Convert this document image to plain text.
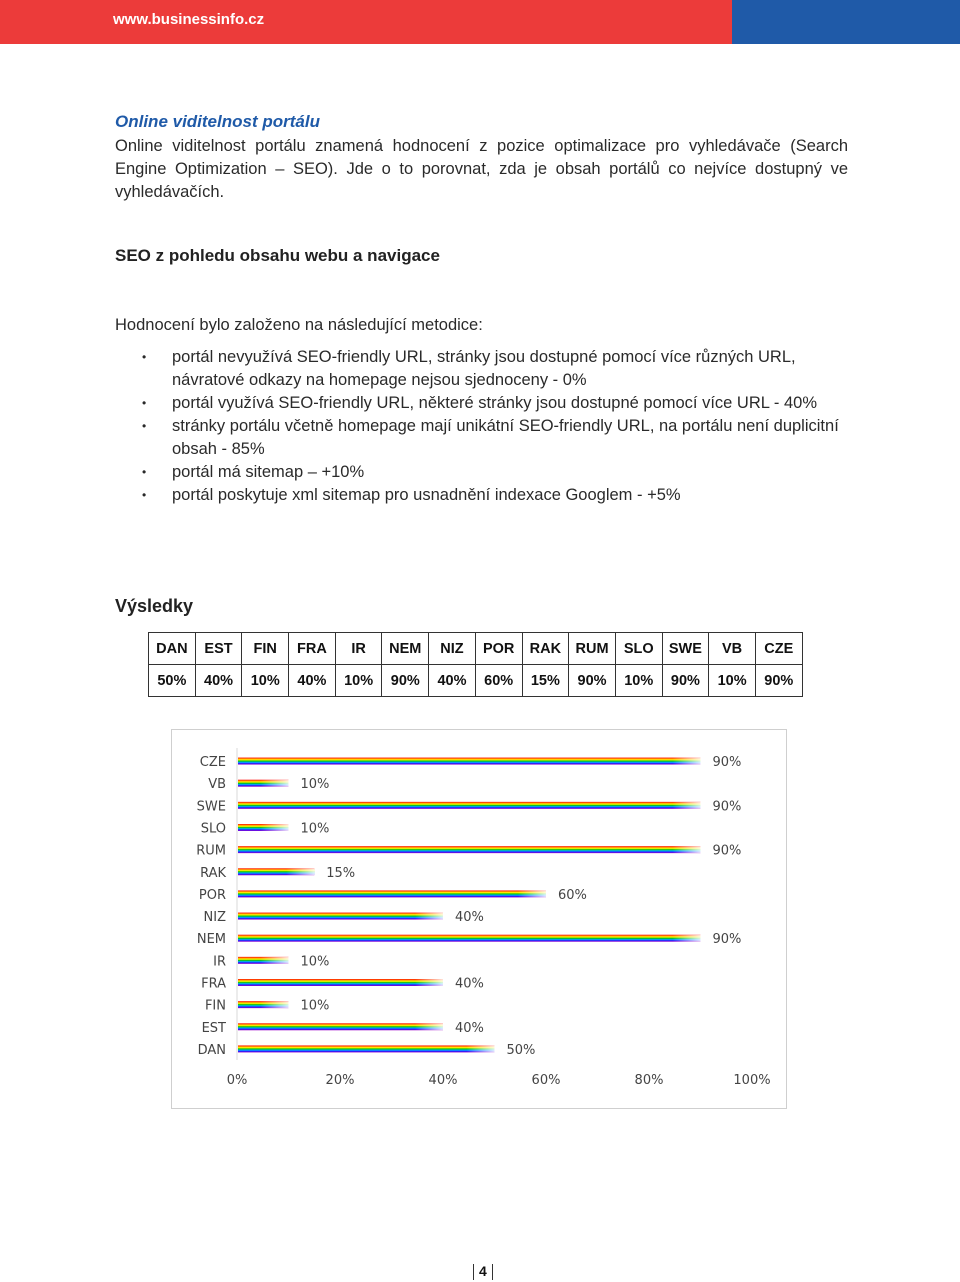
www.businessinfo.cz
Online viditelnost portálu
Online viditelnost portálu znamená hodnocení z pozice optimalizace pro vyhledávače (Search Engine Optimization – SEO). Jde o to porovnat, zda je obsah portálů co nejvíce dostupný ve vyhledávačích.
SEO z pohledu obsahu webu a navigace
Hodnocení bylo založeno na následující metodice:
• portál nevyužívá SEO-friendly URL, stránky jsou dostupné pomocí více různých URL, návratové odkazy na homepage nejsou sjednoceny - 0%
• portál využívá SEO-friendly URL, některé stránky jsou dostupné pomocí více URL - 40%
• stránky portálu včetně homepage mají unikátní SEO-friendly URL, na portálu není duplicitní obsah - 85%
• portál má sitemap – +10%
• portál poskytuje xml sitemap pro usnadnění indexace Googlem - +5%
Výsledky
DAN	EST	FIN	FRA	IR	NEM	NIZ	POR	RAK	RUM	SLO	SWE	VB	CZE
50%	40%	10%	40%	10%	90%	40%	60%	15%	90%	10%	90%	10%	90%
CZE	90%
VB	10%
SWE	90%
SLO	10%
RUM	90%
RAK	15%
POR	60%
NIZ	40%
NEM	90%
IR	10%
FRA	40%
FIN	10%
EST	40%
DAN	50%
0%	20%	40%	60%	80%	100%
4
